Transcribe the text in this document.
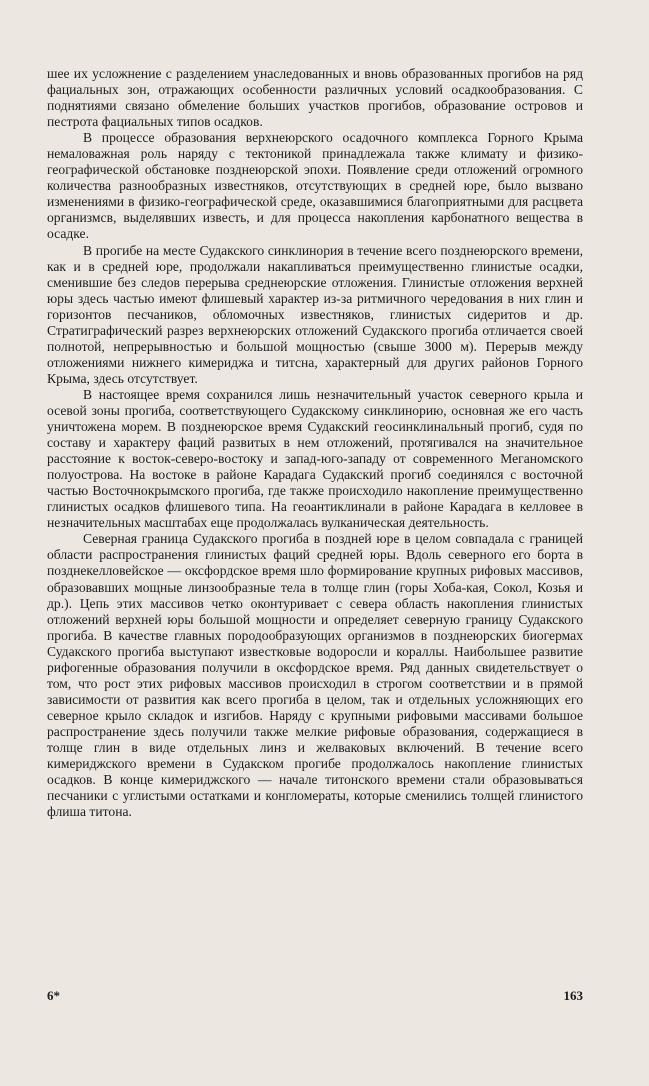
шее их усложнение с разделением унаследованных и вновь образованных прогибов на ряд фациальных зон, отражающих особенности различных условий осадкообразования. С поднятиями связано обмеление больших участков прогибов, образование островов и пестрота фациальных типов осадков.

В процессе образования верхнеюрского осадочного комплекса Горного Крыма немаловажная роль наряду с тектоникой принадлежала также климату и физико-географической обстановке позднеюрской эпохи. Появление среди отложений огромного количества разнообразных известняков, отсутствующих в средней юре, было вызвано изменениями в физико-географической среде, оказавшимися благоприятными для расцвета организмсв, выделявших известь, и для процесса накопления карбонатного вещества в осадке.

В прогибе на месте Судакского синклинория в течение всего позднеюрского времени, как и в средней юре, продолжали накапливаться преимущественно глинистые осадки, сменившие без следов перерыва среднеюрские отложения. Глинистые отложения верхней юры здесь частью имеют флишевый характер из-за ритмичного чередования в них глин и горизонтов песчаников, обломочных известняков, глинистых сидеритов и др. Стратиграфический разрез верхнеюрских отложений Судакского прогиба отличается своей полнотой, непрерывностью и большой мощностью (свыше 3000 м). Перерыв между отложениями нижнего кимериджа и титсна, характерный для других районов Горного Крыма, здесь отсутствует.

В настоящее время сохранился лишь незначительный участок северного крыла и осевой зоны прогиба, соответствующего Судакскому синклинорию, основная же его часть уничтожена морем. В позднеюрское время Судакский геосинклинальный прогиб, судя по составу и характеру фаций развитых в нем отложений, протягивался на значительное расстояние к восток-северо-востоку и запад-юго-западу от современного Меганомского полуострова. На востоке в районе Карадага Судакский прогиб соединялся с восточной частью Восточнокрымского прогиба, где также происходило накопление преимущественно глинистых осадков флишевого типа. На геоантиклинали в районе Карадага в келловее в незначительных масштабах еще продолжалась вулканическая деятельность.

Северная граница Судакского прогиба в поздней юре в целом совпадала с границей области распространения глинистых фаций средней юры. Вдоль северного его борта в позднекелловейское — оксфордское время шло формирование крупных рифовых массивов, образовавших мощные линзообразные тела в толще глин (горы Хоба-кая, Сокол, Козья и др.). Цепь этих массивов четко оконтуривает с севера область накопления глинистых отложений верхней юры большой мощности и определяет северную границу Судакского прогиба. В качестве главных породообразующих организмов в позднеюрских биогермах Судакского прогиба выступают известковые водоросли и кораллы. Наибольшее развитие рифогенные образования получили в оксфордское время. Ряд данных свидетельствует о том, что рост этих рифовых массивов происходил в строгом соответствии и в прямой зависимости от развития как всего прогиба в целом, так и отдельных усложняющих его северное крыло складок и изгибов. Наряду с крупными рифовыми массивами большое распространение здесь получили также мелкие рифовые образования, содержащиеся в толще глин в виде отдельных линз и желваковых включений. В течение всего кимериджского времени в Судакском прогибе продолжалось накопление глинистых осадков. В конце кимериджского — начале титонского времени стали образовываться песчаники с углистыми остатками и конгломераты, которые сменились толщей глинистого флиша титона.

6*	163
